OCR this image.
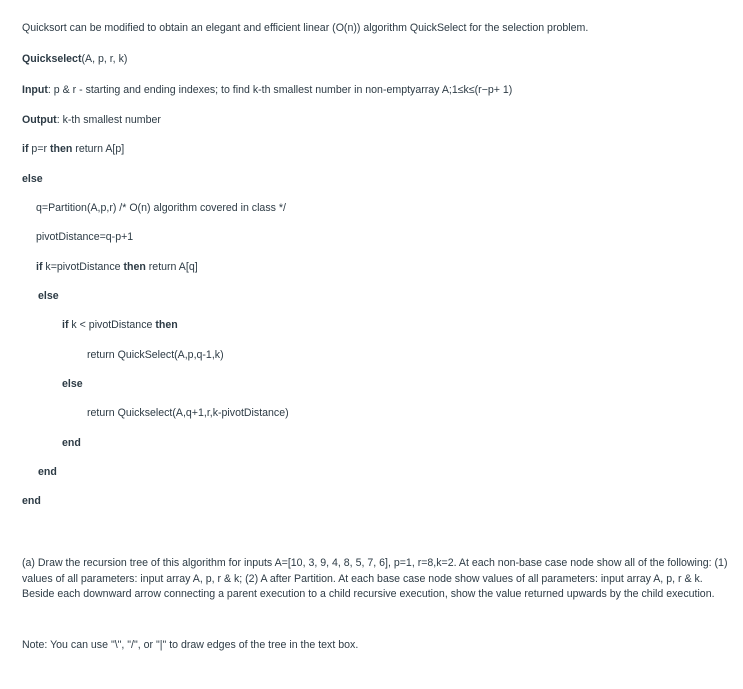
Quicksort can be modified to obtain an elegant and efficient linear (O(n)) algorithm QuickSelect for the selection problem.
Quickselect(A, p, r, k)
Input: p & r - starting and ending indexes; to find k-th smallest number in non-emptyarray A;1≤k≤(r−p+ 1)
Output: k-th smallest number
if p=r then return A[p]
else
q=Partition(A,p,r) /* O(n) algorithm covered in class */
pivotDistance=q-p+1
if k=pivotDistance then return A[q]
else
if k < pivotDistance then
return QuickSelect(A,p,q-1,k)
else
return Quickselect(A,q+1,r,k-pivotDistance)
end
end
end
(a) Draw the recursion tree of this algorithm for inputs A=[10, 3, 9, 4, 8, 5, 7, 6], p=1, r=8,k=2. At each non-base case node show all of the following: (1) values of all parameters: input array A, p, r & k; (2) A after Partition. At each base case node show values of all parameters: input array A, p, r & k. Beside each downward arrow connecting a parent execution to a child recursive execution, show the value returned upwards by the child execution.
Note: You can use "\", "/", or "|" to draw edges of the tree in the text box.
